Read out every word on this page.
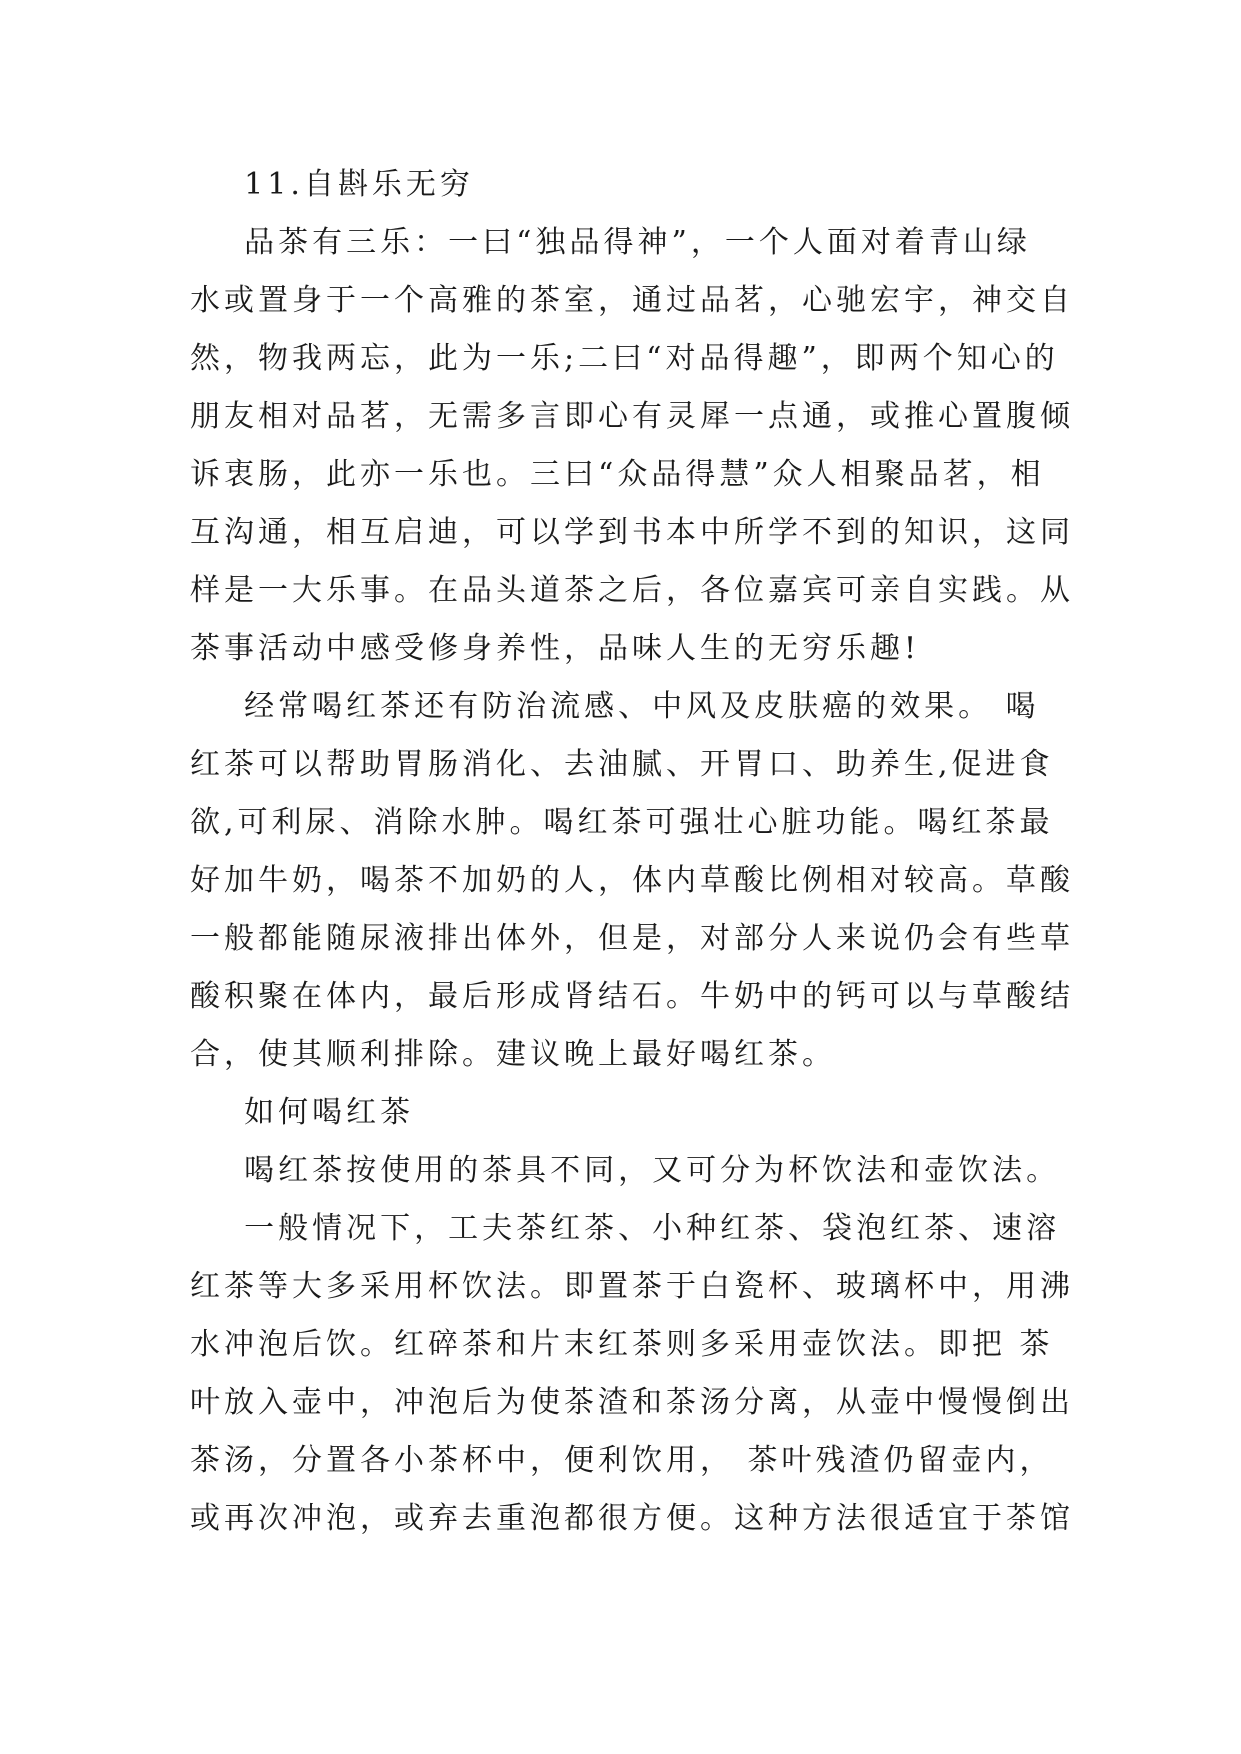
11.自斟乐无穷
品茶有三乐：一曰“独品得神”，一个人面对着青山绿
水或置身于一个高雅的茶室，通过品茗，心驰宏宇，神交自
然，物我两忘，此为一乐;二曰“对品得趣”，即两个知心的
朋友相对品茗，无需多言即心有灵犀一点通，或推心置腹倾
诉衷肠，此亦一乐也。三曰“众品得慧”众人相聚品茗，相
互沟通，相互启迪，可以学到书本中所学不到的知识，这同
样是一大乐事。在品头道茶之后，各位嘉宾可亲自实践。从
茶事活动中感受修身养性，品味人生的无穷乐趣!
经常喝红茶还有防治流感、中风及皮肤癌的效果。 喝
红茶可以帮助胃肠消化、去油腻、开胃口、助养生,促进食
欲,可利尿、消除水肿。喝红茶可强壮心脏功能。喝红茶最
好加牛奶，喝茶不加奶的人，体内草酸比例相对较高。草酸
一般都能随尿液排出体外，但是，对部分人来说仍会有些草
酸积聚在体内，最后形成肾结石。牛奶中的钙可以与草酸结
合，使其顺利排除。建议晚上最好喝红茶。
如何喝红茶
喝红茶按使用的茶具不同，又可分为杯饮法和壶饮法。
一般情况下，工夫茶红茶、小种红茶、袋泡红茶、速溶
红茶等大多采用杯饮法。即置茶于白瓷杯、玻璃杯中，用沸
水冲泡后饮。红碎茶和片末红茶则多采用壶饮法。即把 茶
叶放入壶中，冲泡后为使茶渣和茶汤分离，从壶中慢慢倒出
茶汤，分置各小茶杯中，便利饮用， 茶叶残渣仍留壶内，
或再次冲泡，或弃去重泡都很方便。这种方法很适宜于茶馆
